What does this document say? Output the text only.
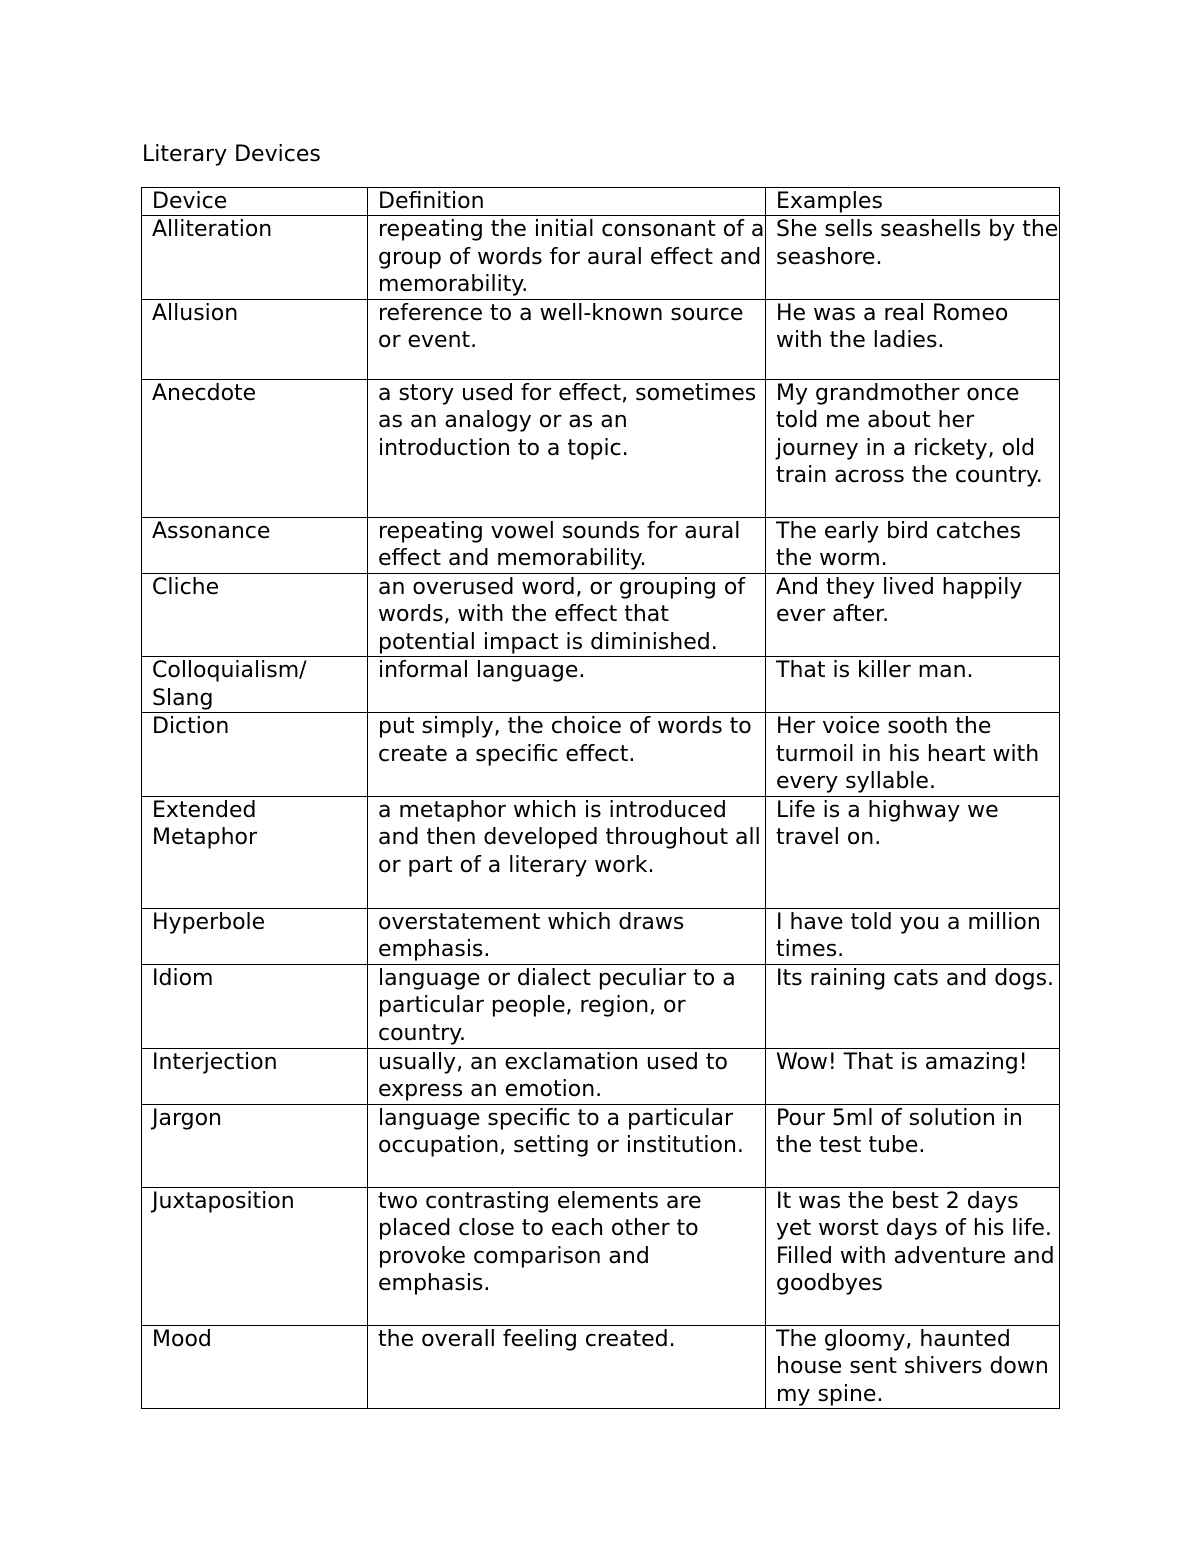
Literary Devices
Device	Definition	Examples

Alliteration	repeating the initial consonant of a group of words for aural effect and memorability.	She sells seashells by the seashore.

Allusion	reference to a well-known source or event.	He was a real Romeo with the ladies.

Anecdote	a story used for effect, sometimes as an analogy or as an introduction to a topic.	My grandmother once told me about her journey in a rickety, old train across the country.

Assonance	repeating vowel sounds for aural effect and memorability.	The early bird catches the worm.

Cliche	an overused word, or grouping of words, with the effect that potential impact is diminished.	And they lived happily ever after.

Colloquialism/ Slang	informal language.	That is killer man.

Diction	put simply, the choice of words to create a specific effect.	Her voice sooth the turmoil in his heart with every syllable.

Extended Metaphor	a metaphor which is introduced and then developed throughout all or part of a literary work.	Life is a highway we travel on.

Hyperbole	overstatement which draws emphasis.	I have told you a million times.

Idiom	language or dialect peculiar to a particular people, region, or country.	Its raining cats and dogs.

Interjection	usually, an exclamation used to express an emotion.	Wow! That is amazing!

Jargon	language specific to a particular occupation, setting or institution.	Pour 5ml of solution in the test tube.

Juxtaposition	two contrasting elements are placed close to each other to provoke comparison and emphasis.	It was the best 2 days yet worst days of his life. Filled with adventure and goodbyes

Mood	the overall feeling created.	The gloomy, haunted house sent shivers down my spine.
